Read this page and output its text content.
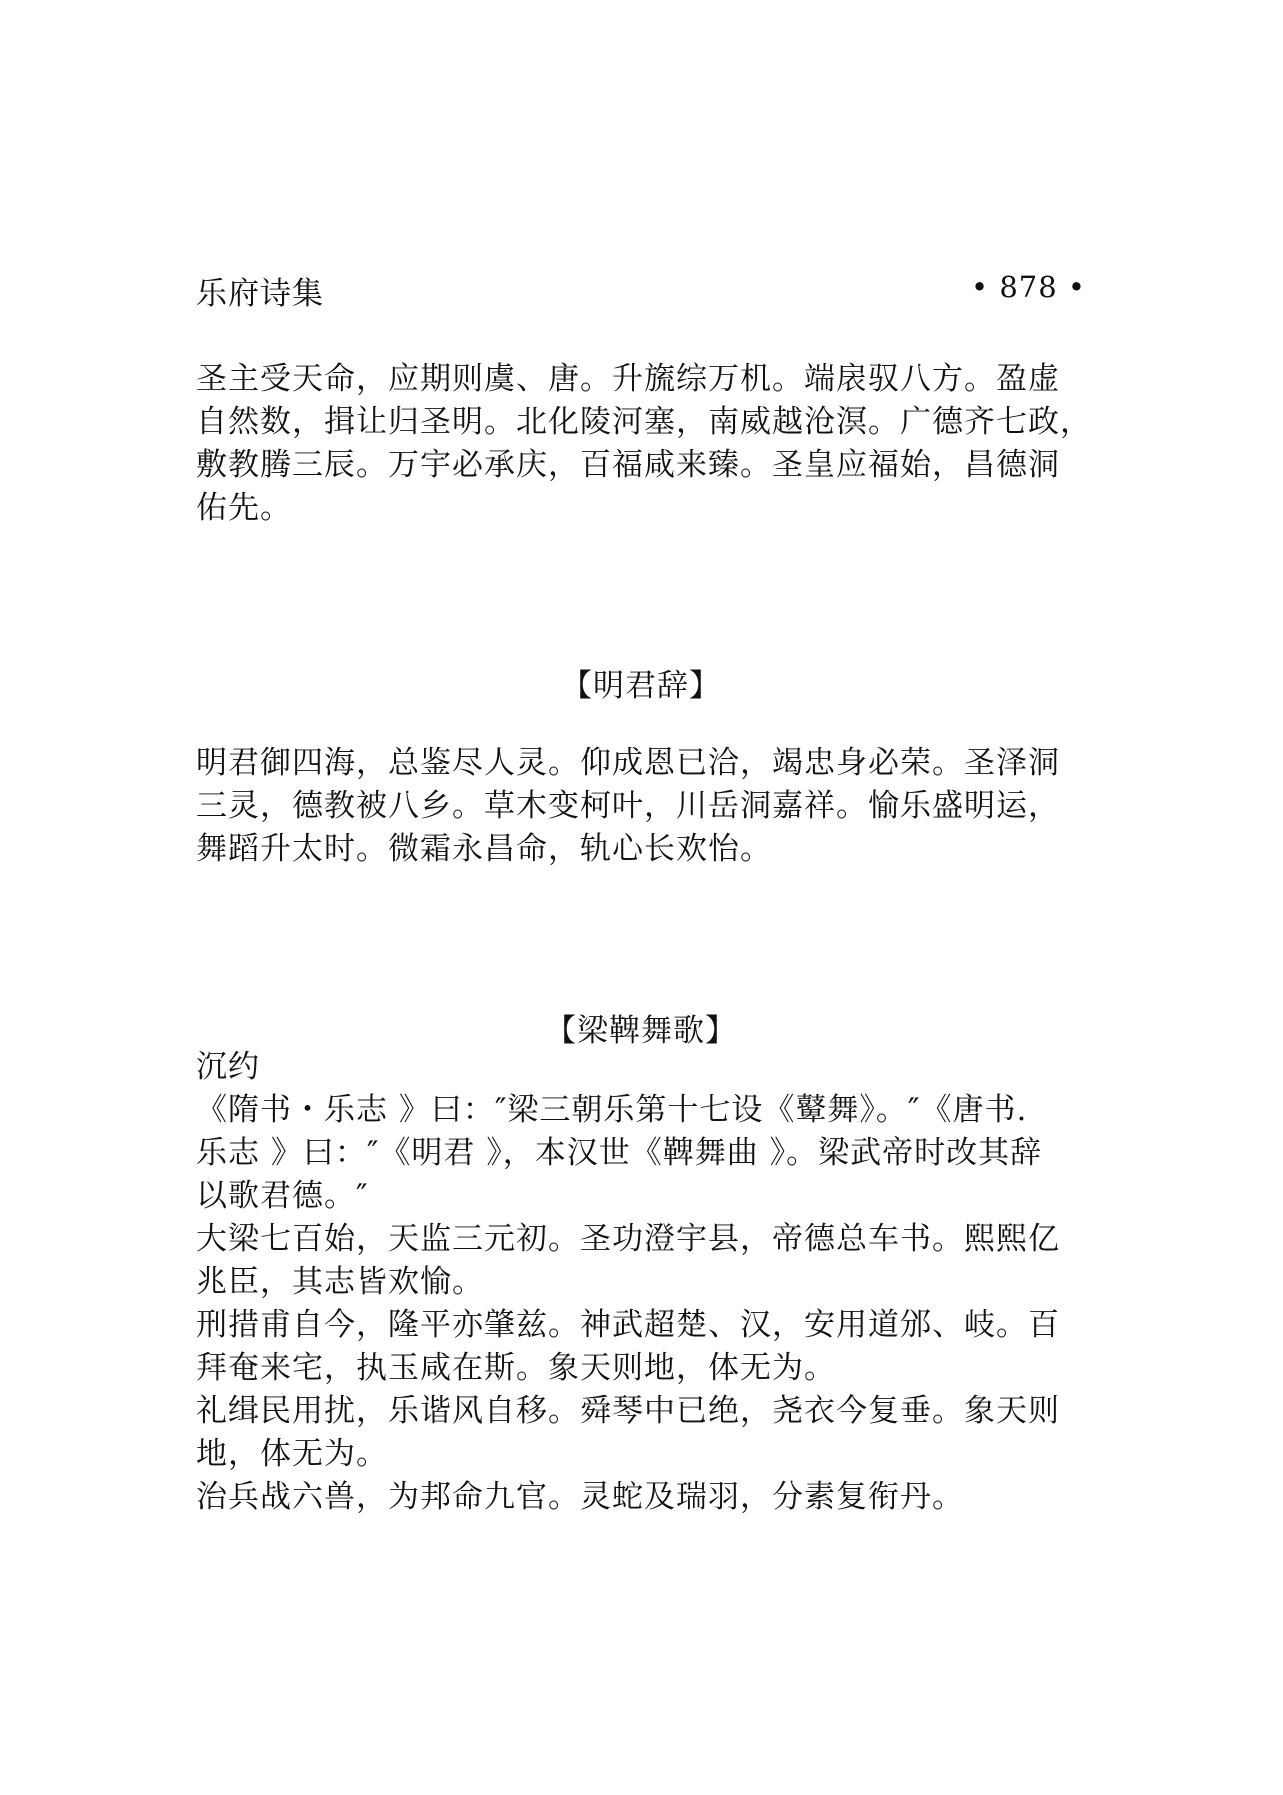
乐府诗集	• 878 •
圣主受天命，应期则虞、唐。升旒综万机。端扆驭八方。盈虚
自然数，揖让归圣明。北化陵河塞，南威越沧溟。广德齐七政，
敷教腾三辰。万宇必承庆，百福咸来臻。圣皇应福始，昌德洞
佑先。
【明君辞】
明君御四海，总鉴尽人灵。仰成恩已洽，竭忠身必荣。圣泽洞
三灵，德教被八乡。草木变柯叶，川岳洞嘉祥。愉乐盛明运，
舞蹈升太时。微霜永昌命，轨心长欢怡。
【梁鞞舞歌】
沉约
《隋书・乐志 》曰：″梁三朝乐第十七设《鼙舞》。″《唐书.
乐志 》曰：″《明君 》，本汉世《鞞舞曲 》。梁武帝时改其辞
以歌君德。″
大梁七百始，天监三元初。圣功澄宇县，帝德总车书。熙熙亿
兆臣，其志皆欢愉。
刑措甫自今，隆平亦肇兹。神武超楚、汉，安用道邠、岐。百
拜奄来宅，执玉咸在斯。象天则地，体无为。
礼缉民用扰，乐谐风自移。舜琴中已绝，尧衣今复垂。象天则
地，体无为。
治兵战六兽，为邦命九官。灵蛇及瑞羽，分素复衔丹。
